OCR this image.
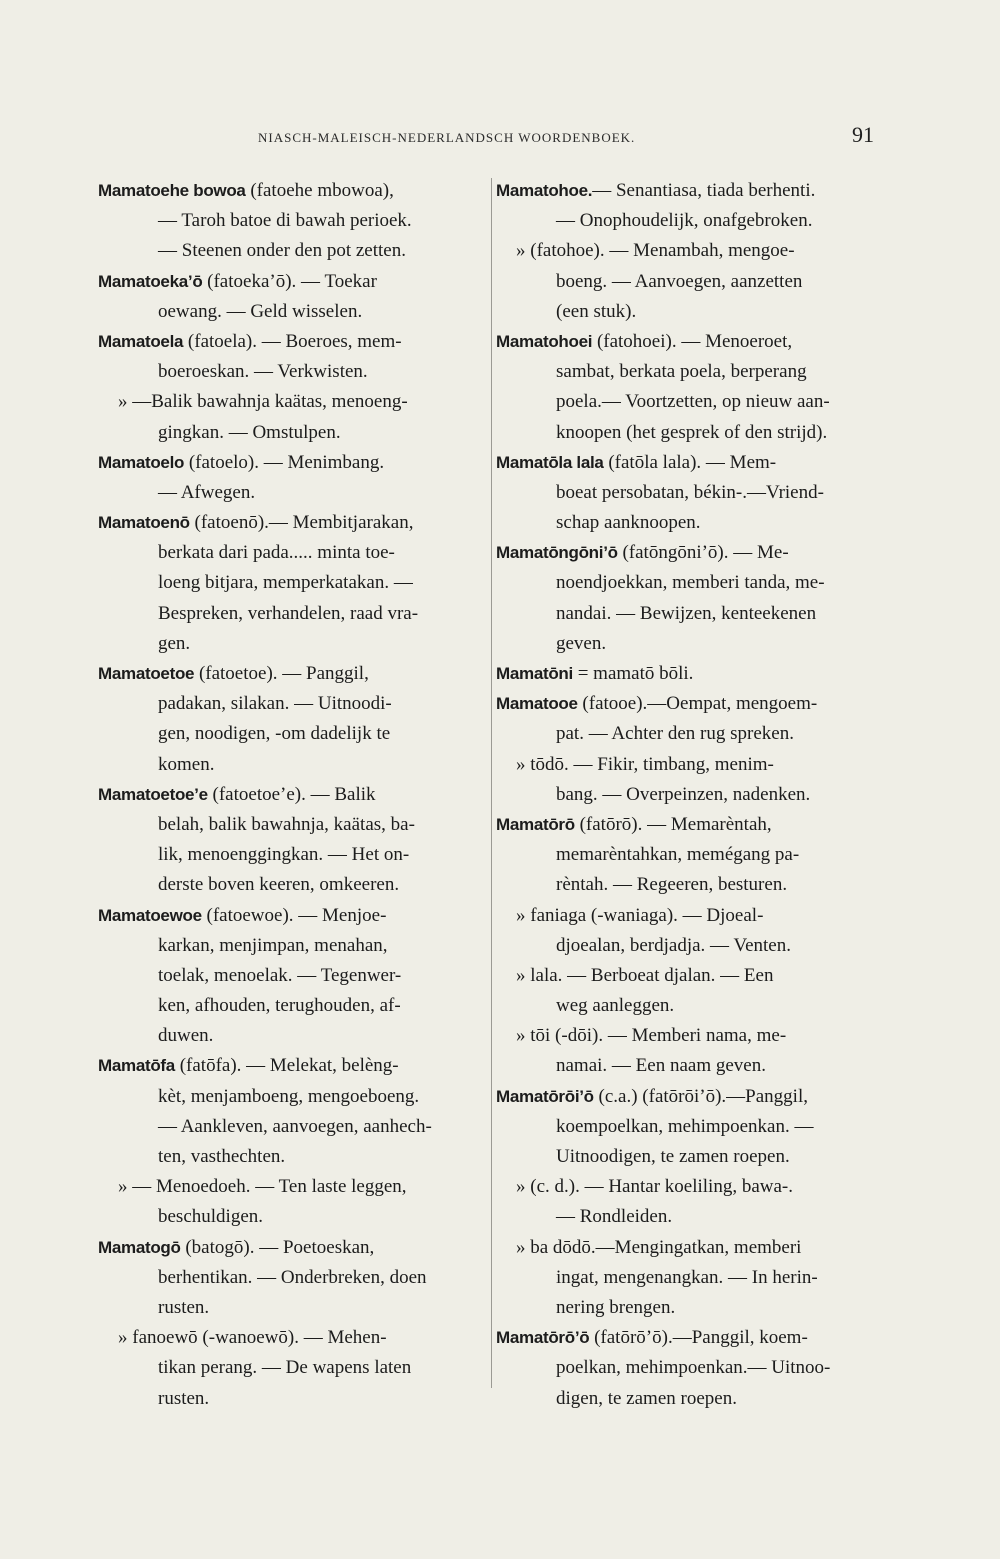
NIASCH-MALEISCH-NEDERLANDSCH WOORDENBOEK.	91
Mamatoehe bowoa (fatoehe mbowoa),
— Taroh batoe di bawah perioek.
— Steenen onder den pot zetten.
Mamatoeka’ō (fatoeka’ō). — Toekar
oewang. — Geld wisselen.
Mamatoela (fatoela). — Boeroes, mem-
boeroeskan. — Verkwisten.
» —Balik bawahnja kaätas, menoeng-
gingkan. — Omstulpen.
Mamatoelo (fatoelo). — Menimbang.
— Afwegen.
Mamatoenō (fatoenō).— Membitjarakan,
berkata dari pada..... minta toe-
loeng bitjara, memperkatakan. —
Bespreken, verhandelen, raad vra-
gen.
Mamatoetoe (fatoetoe). — Panggil,
padakan, silakan. — Uitnoodi-
gen, noodigen, -om dadelijk te
komen.
Mamatoetoe’e (fatoetoe’e). — Balik
belah, balik bawahnja, kaätas, ba-
lik, menoenggingkan. — Het on-
derste boven keeren, omkeeren.
Mamatoewoe (fatoewoe). — Menjoe-
karkan, menjimpan, menahan,
toelak, menoelak. — Tegenwer-
ken, afhouden, terughouden, af-
duwen.
Mamatōfa (fatōfa). — Melekat, belèng-
kèt, menjamboeng, mengoeboeng.
— Aankleven, aanvoegen, aanhech-
ten, vasthechten.
» — Menoedoeh. — Ten laste leggen,
beschuldigen.
Mamatogō (batogō). — Poetoeskan,
berhentikan. — Onderbreken, doen
rusten.
» fanoewō (-wanoewō). — Mehen-
tikan perang. — De wapens laten
rusten.
Mamatohoe.— Senantiasa, tiada berhenti.
— Onophoudelijk, onafgebroken.
» (fatohoe). — Menambah, mengoe-
boeng. — Aanvoegen, aanzetten
(een stuk).
Mamatohoei (fatohoei). — Menoeroet,
sambat, berkata poela, berperang
poela.— Voortzetten, op nieuw aan-
knoopen (het gesprek of den strijd).
Mamatōla lala (fatōla lala). — Mem-
boeat persobatan, békin-.—Vriend-
schap aanknoopen.
Mamatōngōni’ō (fatōngōni’ō). — Me-
noendjoekkan, memberi tanda, me-
nandai. — Bewijzen, kenteekenen
geven.
Mamatōni = mamatō bōli.
Mamatooe (fatooe).—Oempat, mengoem-
pat. — Achter den rug spreken.
» tōdō. — Fikir, timbang, menim-
bang. — Overpeinzen, nadenken.
Mamatōrō (fatōrō). — Memarèntah,
memarèntahkan, memégang pa-
rèntah. — Regeeren, besturen.
» faniaga (-waniaga). — Djoeal-
djoealan, berdjadja. — Venten.
» lala. — Berboeat djalan. — Een
weg aanleggen.
» tōi (-dōi). — Memberi nama, me-
namai. — Een naam geven.
Mamatōrōi’ō (c.a.) (fatōrōi’ō).—Panggil,
koempoelkan, mehimpoenkan. —
Uitnoodigen, te zamen roepen.
» (c. d.). — Hantar koeliling, bawa-.
— Rondleiden.
» ba dōdō.—Mengingatkan, memberi
ingat, mengenangkan. — In herin-
nering brengen.
Mamatōrō’ō (fatōrō’ō).—Panggil, koem-
poelkan, mehimpoenkan.— Uitnoo-
digen, te zamen roepen.
